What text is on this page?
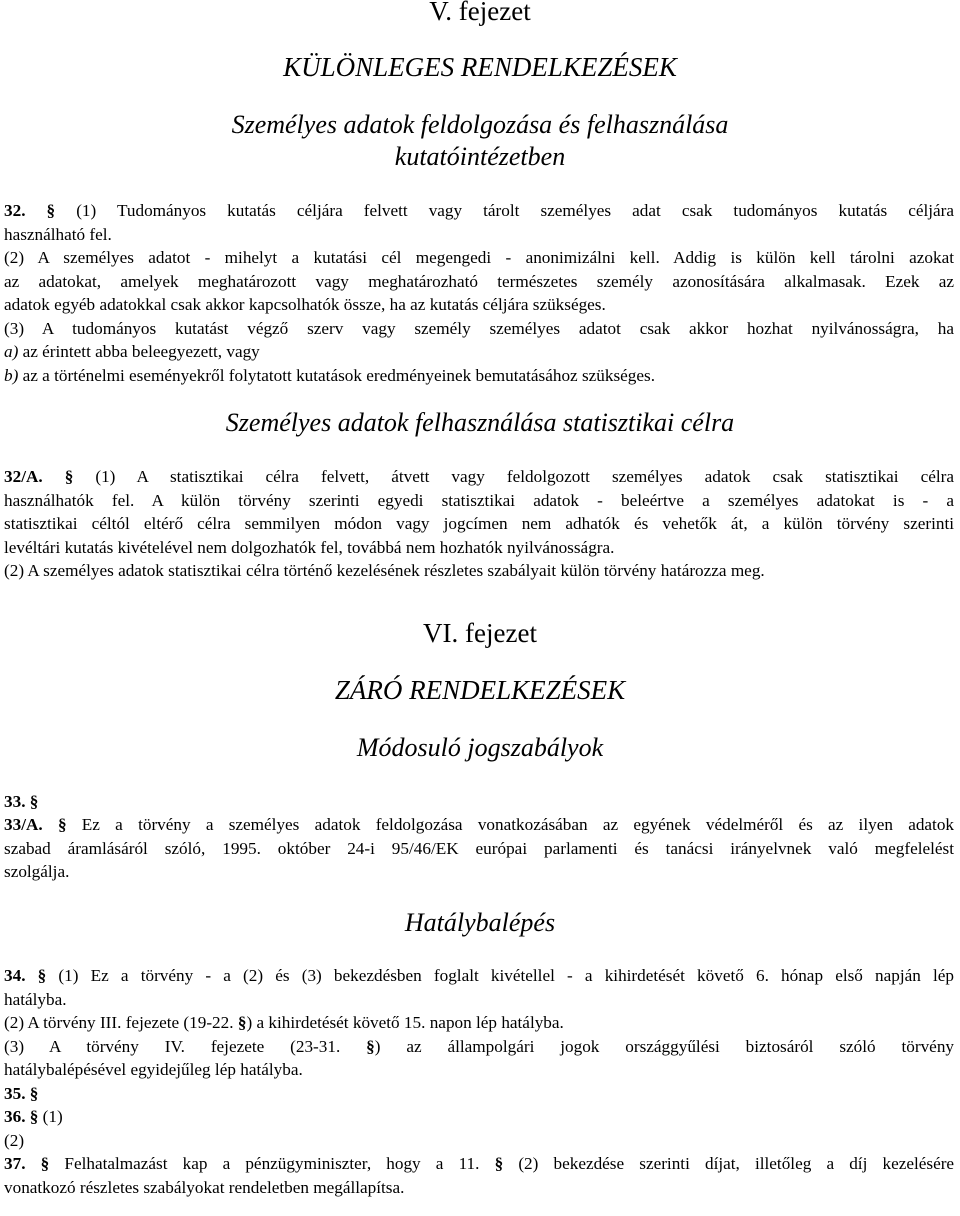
V. fejezet
KÜLÖNLEGES RENDELKEZÉSEK
Személyes adatok feldolgozása és felhasználása
kutatóintézetben

32. § (1) Tudományos kutatás céljára felvett vagy tárolt személyes adat csak tudományos kutatás céljára

használható fel.

(2) A személyes adatot - mihelyt a kutatási cél megengedi - anonimizálni kell. Addig is külön kell tárolni azokat

az adatokat, amelyek meghatározott vagy meghatározható természetes személy azonosítására alkalmasak. Ezek az

adatok egyéb adatokkal csak akkor kapcsolhatók össze, ha az kutatás céljára szükséges.

(3) A tudományos kutatást végző szerv vagy személy személyes adatot csak akkor hozhat nyilvánosságra, ha

a) az érintett abba beleegyezett, vagy

b) az a történelmi eseményekről folytatott kutatások eredményeinek bemutatásához szükséges.

Személyes adatok felhasználása statisztikai célra

32/A. § (1) A statisztikai célra felvett, átvett vagy feldolgozott személyes adatok csak statisztikai célra

használhatók fel. A külön törvény szerinti egyedi statisztikai adatok - beleértve a személyes adatokat is - a

statisztikai céltól eltérő célra semmilyen módon vagy jogcímen nem adhatók és vehetők át, a külön törvény szerinti

levéltári kutatás kivételével nem dolgozhatók fel, továbbá nem hozhatók nyilvánosságra.

(2) A személyes adatok statisztikai célra történő kezelésének részletes szabályait külön törvény határozza meg.

VI. fejezet
ZÁRÓ RENDELKEZÉSEK
Módosuló jogszabályok

33. §

33/A. § Ez a törvény a személyes adatok feldolgozása vonatkozásában az egyének védelméről és az ilyen adatok

szabad áramlásáról szóló, 1995. október 24-i 95/46/EK európai parlamenti és tanácsi irányelvnek való megfelelést

szolgálja.

Hatálybalépés

34. § (1) Ez a törvény - a (2) és (3) bekezdésben foglalt kivétellel - a kihirdetését követő 6. hónap első napján lép

hatályba.

(2) A törvény III. fejezete (19-22. §) a kihirdetését követő 15. napon lép hatályba.

(3) A törvény IV. fejezete (23-31. §) az állampolgári jogok országgyűlési biztosáról szóló törvény

hatálybalépésével egyidejűleg lép hatályba.

35. §

36. § (1)

(2)

37. § Felhatalmazást kap a pénzügyminiszter, hogy a 11. § (2) bekezdése szerinti díjat, illetőleg a díj kezelésére

vonatkozó részletes szabályokat rendeletben megállapítsa.
